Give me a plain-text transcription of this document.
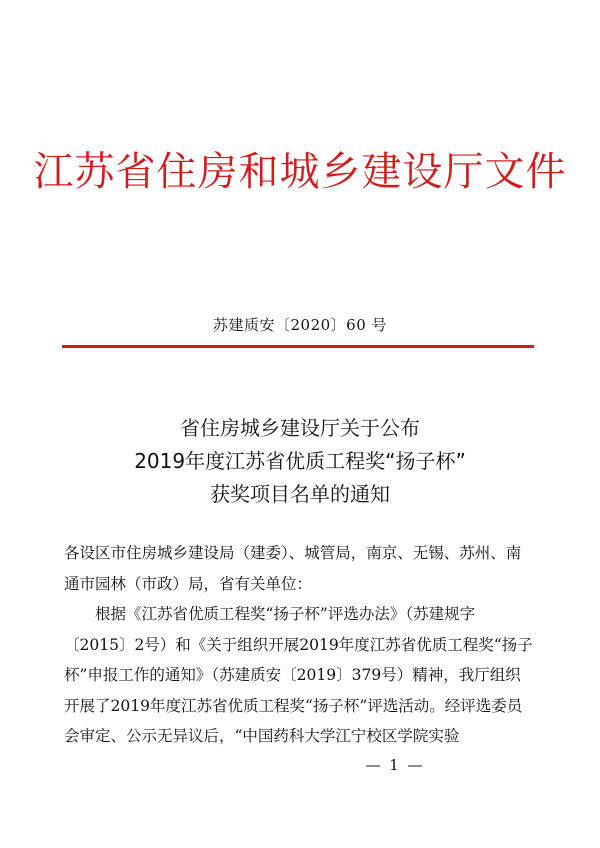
江苏省住房和城乡建设厅文件
苏建质安〔2020〕60 号
省住房城乡建设厅关于公布
2019年度江苏省优质工程奖“扬子杯”
获奖项目名单的通知

各设区市住房城乡建设局（建委）、城管局，南京、无锡、苏州、南通市园林（市政）局，省有关单位：

根据《江苏省优质工程奖“扬子杯”评选办法》（苏建规字〔2015〕2号）和《关于组织开展2019年度江苏省优质工程奖“扬子杯”申报工作的通知》（苏建质安〔2019〕379号）精神，我厅组织开展了2019年度江苏省优质工程奖“扬子杯”评选活动。经评选委员会审定、公示无异议后，“中国药科大学江宁校区学院实验

— 1 —
